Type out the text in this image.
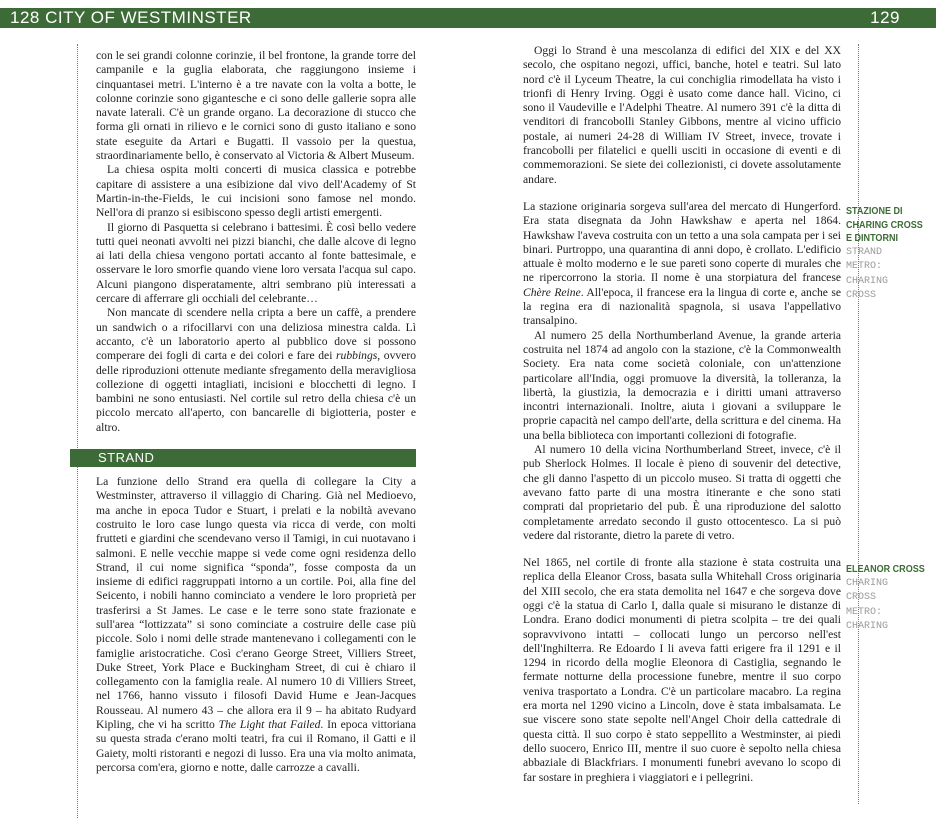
128 CITY OF WESTMINSTER	129

con le sei grandi colonne corinzie, il bel frontone, la grande torre del campanile e la guglia elaborata, che raggiungono insieme i cinquantasei metri. L'interno è a tre navate con la volta a botte, le colonne corinzie sono gigantesche e ci sono delle gallerie sopra alle navate laterali. C'è un grande organo. La decorazione di stucco che forma gli ornati in rilievo e le cornici sono di gusto italiano e sono state eseguite da Artari e Bugatti. Il vassoio per la questua, straordinariamente bello, è conservato al Victoria & Albert Museum.

La chiesa ospita molti concerti di musica classica e potrebbe capitare di assistere a una esibizione dal vivo dell'Academy of St Martin-in-the-Fields, le cui incisioni sono famose nel mondo. Nell'ora di pranzo si esibiscono spesso degli artisti emergenti.

Il giorno di Pasquetta si celebrano i battesimi. È così bello vedere tutti quei neonati avvolti nei pizzi bianchi, che dalle alcove di legno ai lati della chiesa vengono portati accanto al fonte battesimale, e osservare le loro smorfie quando viene loro versata l'acqua sul capo. Alcuni piangono disperatamente, altri sembrano più interessati a cercare di afferrare gli occhiali del celebrante…

Non mancate di scendere nella cripta a bere un caffè, a prendere un sandwich o a rifocillarvi con una deliziosa minestra calda. Lì accanto, c'è un laboratorio aperto al pubblico dove si possono comperare dei fogli di carta e dei colori e fare dei rubbings, ovvero delle riproduzioni ottenute mediante sfregamento della meravigliosa collezione di oggetti intagliati, incisioni e blocchetti di legno. I bambini ne sono entusiasti. Nel cortile sul retro della chiesa c'è un piccolo mercato all'aperto, con bancarelle di bigiotteria, poster e altro.

STRAND

La funzione dello Strand era quella di collegare la City a Westminster, attraverso il villaggio di Charing. Già nel Medioevo, ma anche in epoca Tudor e Stuart, i prelati e la nobiltà avevano costruito le loro case lungo questa via ricca di verde, con molti frutteti e giardini che scendevano verso il Tamigi, in cui nuotavano i salmoni. E nelle vecchie mappe si vede come ogni residenza dello Strand, il cui nome significa “sponda”, fosse composta da un insieme di edifici raggruppati intorno a un cortile. Poi, alla fine del Seicento, i nobili hanno cominciato a vendere le loro proprietà per trasferirsi a St James. Le case e le terre sono state frazionate e sull'area “lottizzata” si sono cominciate a costruire delle case più piccole. Solo i nomi delle strade mantenevano i collegamenti con le famiglie aristocratiche. Così c'erano George Street, Villiers Street, Duke Street, York Place e Buckingham Street, di cui è chiaro il collegamento con la famiglia reale. Al numero 10 di Villiers Street, nel 1766, hanno vissuto i filosofi David Hume e Jean-Jacques Rousseau. Al numero 43 – che allora era il 9 – ha abitato Rudyard Kipling, che vi ha scritto The Light that Failed. In epoca vittoriana su questa strada c'erano molti teatri, fra cui il Romano, il Gatti e il Gaiety, molti ristoranti e negozi di lusso. Era una via molto animata, percorsa com'era, giorno e notte, dalle carrozze a cavalli.

Oggi lo Strand è una mescolanza di edifici del XIX e del XX secolo, che ospitano negozi, uffici, banche, hotel e teatri. Sul lato nord c'è il Lyceum Theatre, la cui conchiglia rimodellata ha visto i trionfi di Henry Irving. Oggi è usato come dance hall. Vicino, ci sono il Vaudeville e l'Adelphi Theatre. Al numero 391 c'è la ditta di venditori di francobolli Stanley Gibbons, mentre al vicino ufficio postale, ai numeri 24-28 di William IV Street, invece, trovate i francobolli per filatelici e quelli usciti in occasione di eventi e di commemorazioni. Se siete dei collezionisti, ci dovete assolutamente andare.

La stazione originaria sorgeva sull'area del mercato di Hungerford. Era stata disegnata da John Hawkshaw e aperta nel 1864. Hawkshaw l'aveva costruita con un tetto a una sola campata per i sei binari. Purtroppo, una quarantina di anni dopo, è crollato. L'edificio attuale è molto moderno e le sue pareti sono coperte di murales che ne ripercorrono la storia. Il nome è una storpiatura del francese Chère Reine. All'epoca, il francese era la lingua di corte e, anche se la regina era di nazionalità spagnola, si usava l'appellativo transalpino.

Al numero 25 della Northumberland Avenue, la grande arteria costruita nel 1874 ad angolo con la stazione, c'è la Commonwealth Society. Era nata come società coloniale, con un'attenzione particolare all'India, oggi promuove la diversità, la tolleranza, la libertà, la giustizia, la democrazia e i diritti umani attraverso incontri internazionali. Inoltre, aiuta i giovani a sviluppare le proprie capacità nel campo dell'arte, della scrittura e del cinema. Ha una bella biblioteca con importanti collezioni di fotografie.

Al numero 10 della vicina Northumberland Street, invece, c'è il pub Sherlock Holmes. Il locale è pieno di souvenir del detective, che gli danno l'aspetto di un piccolo museo. Si tratta di oggetti che avevano fatto parte di una mostra itinerante e che sono stati comprati dal proprietario del pub. È una riproduzione del salotto completamente arredato secondo il gusto ottocentesco. La si può vedere dal ristorante, dietro la parete di vetro.

Nel 1865, nel cortile di fronte alla stazione è stata costruita una replica della Eleanor Cross, basata sulla Whitehall Cross originaria del XIII secolo, che era stata demolita nel 1647 e che sorgeva dove oggi c'è la statua di Carlo I, dalla quale si misurano le distanze di Londra. Erano dodici monumenti di pietra scolpita – tre dei quali sopravvivono intatti – collocati lungo un percorso nell'est dell'Inghilterra. Re Edoardo I li aveva fatti erigere fra il 1291 e il 1294 in ricordo della moglie Eleonora di Castiglia, segnando le fermate notturne della processione funebre, mentre il suo corpo veniva trasportato a Londra. C'è un particolare macabro. La regina era morta nel 1290 vicino a Lincoln, dove è stata imbalsamata. Le sue viscere sono state sepolte nell'Angel Choir della cattedrale di questa città. Il suo corpo è stato seppellito a Westminster, ai piedi dello suocero, Enrico III, mentre il suo cuore è sepolto nella chiesa abbaziale di Blackfriars. I monumenti funebri avevano lo scopo di far sostare in preghiera i viaggiatori e i pellegrini.

STAZIONE DI
CHARING CROSS
E DINTORNI
STRAND
METRO:
CHARING
CROSS
ELEANOR CROSS
CHARING
CROSS
METRO:
CHARING
